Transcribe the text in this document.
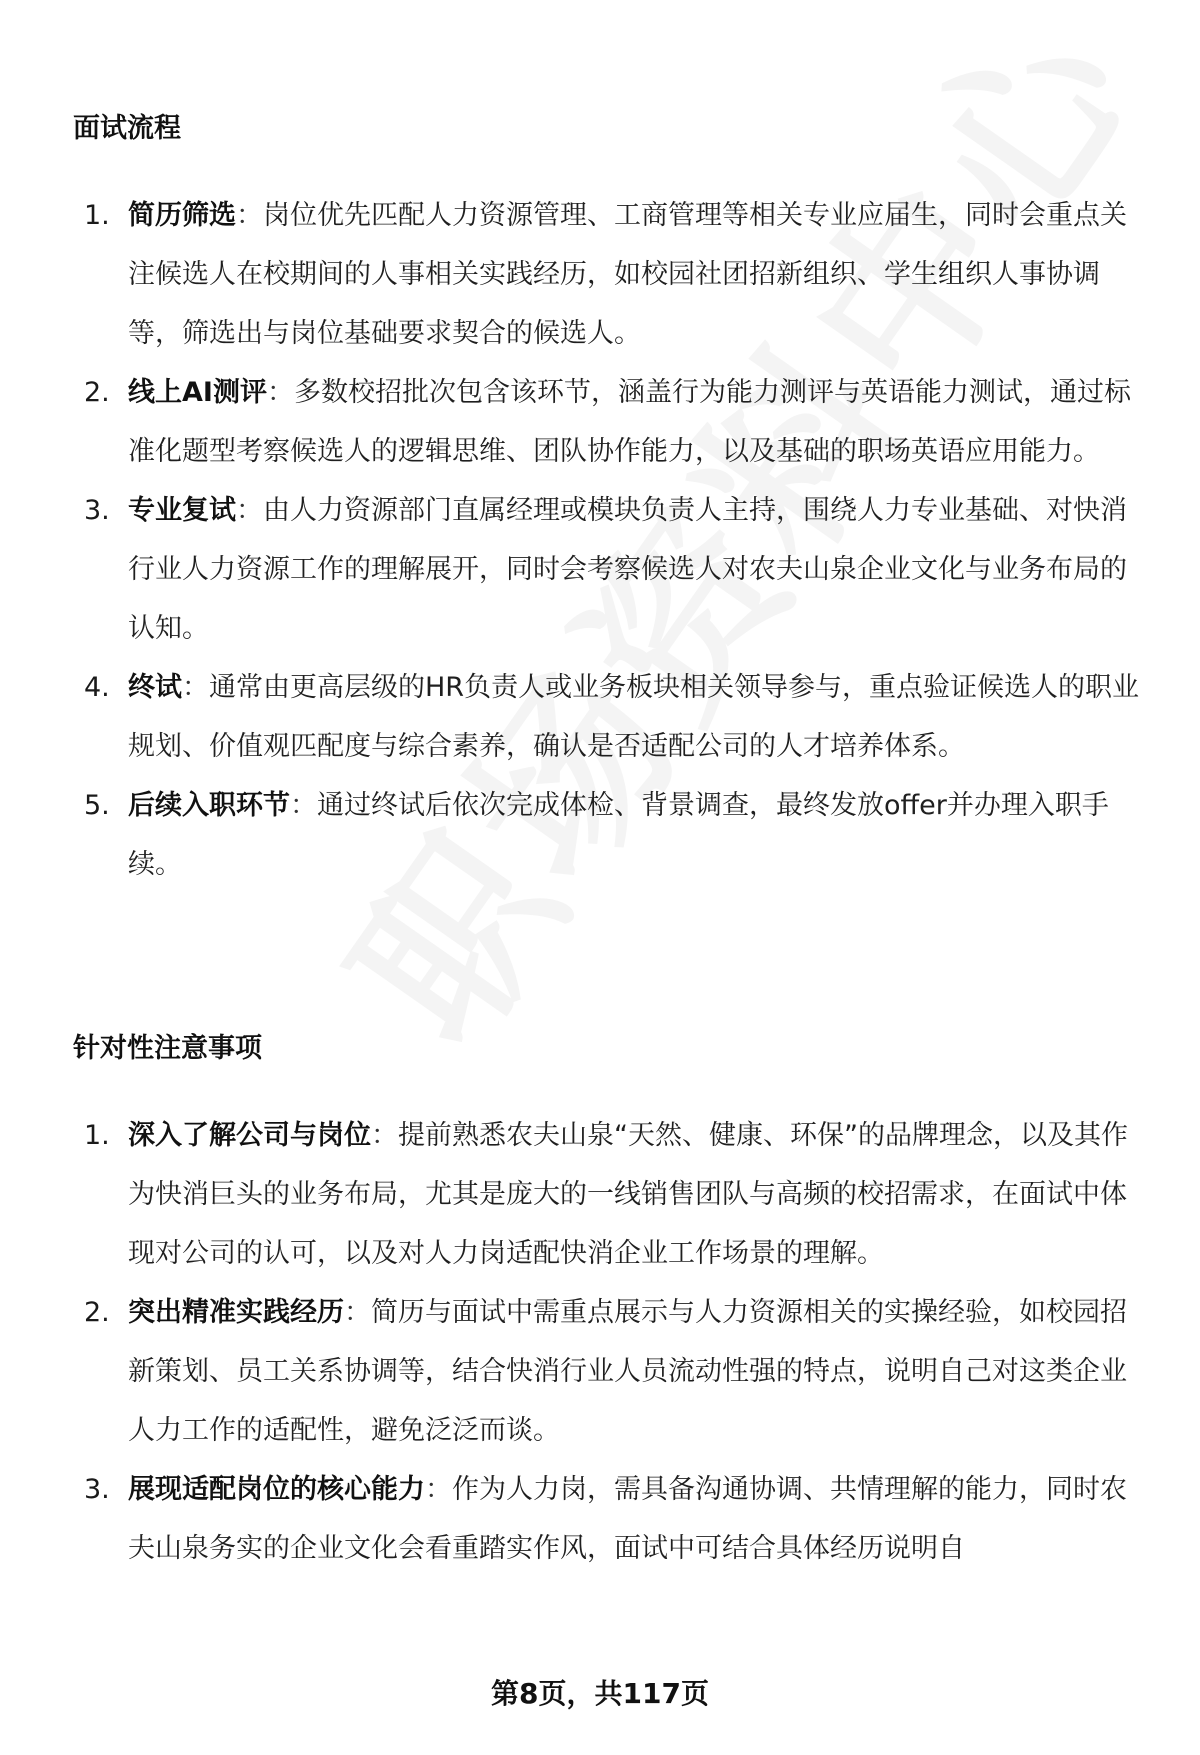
面试流程
1. 简历筛选：岗位优先匹配人力资源管理、工商管理等相关专业应届生，同时会重点关注候选人在校期间的人事相关实践经历，如校园社团招新组织、学生组织人事协调等，筛选出与岗位基础要求契合的候选人。
2. 线上AI测评：多数校招批次包含该环节，涵盖行为能力测评与英语能力测试，通过标准化题型考察候选人的逻辑思维、团队协作能力，以及基础的职场英语应用能力。
3. 专业复试：由人力资源部门直属经理或模块负责人主持，围绕人力专业基础、对快消行业人力资源工作的理解展开，同时会考察候选人对农夫山泉企业文化与业务布局的认知。
4. 终试：通常由更高层级的HR负责人或业务板块相关领导参与，重点验证候选人的职业规划、价值观匹配度与综合素养，确认是否适配公司的人才培养体系。
5. 后续入职环节：通过终试后依次完成体检、背景调查，最终发放offer并办理入职手续。
针对性注意事项
1. 深入了解公司与岗位：提前熟悉农夫山泉“天然、健康、环保”的品牌理念，以及其作为快消巨头的业务布局，尤其是庞大的一线销售团队与高频的校招需求，在面试中体现对公司的认可，以及对人力岗适配快消企业工作场景的理解。
2. 突出精准实践经历：简历与面试中需重点展示与人力资源相关的实操经验，如校园招新策划、员工关系协调等，结合快消行业人员流动性强的特点，说明自己对这类企业人力工作的适配性，避免泛泛而谈。
3. 展现适配岗位的核心能力：作为人力岗，需具备沟通协调、共情理解的能力，同时农夫山泉务实的企业文化会看重踏实作风，面试中可结合具体经历说明自
第8页，共117页
